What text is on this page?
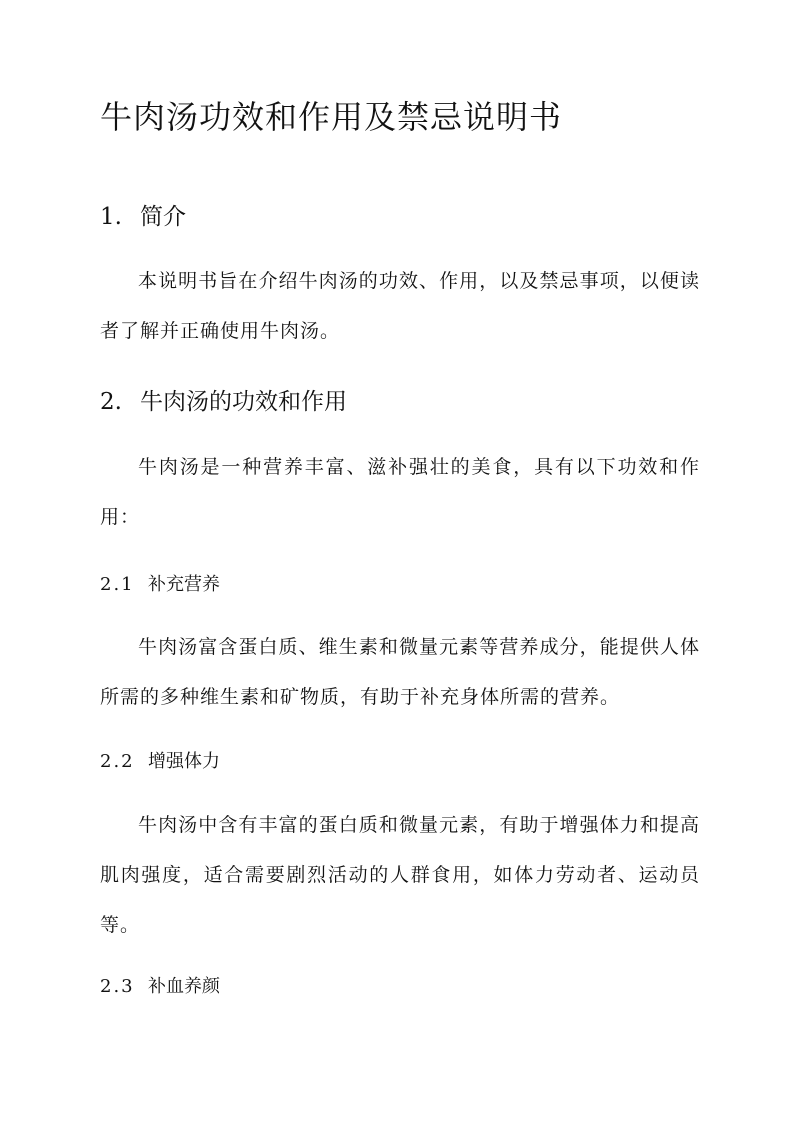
牛肉汤功效和作用及禁忌说明书
1. 简介
本说明书旨在介绍牛肉汤的功效、作用，以及禁忌事项，以便读者了解并正确使用牛肉汤。
2. 牛肉汤的功效和作用
牛肉汤是一种营养丰富、滋补强壮的美食，具有以下功效和作用：
2.1 补充营养
牛肉汤富含蛋白质、维生素和微量元素等营养成分，能提供人体所需的多种维生素和矿物质，有助于补充身体所需的营养。
2.2 增强体力
牛肉汤中含有丰富的蛋白质和微量元素，有助于增强体力和提高肌肉强度，适合需要剧烈活动的人群食用，如体力劳动者、运动员等。
2.3 补血养颜
